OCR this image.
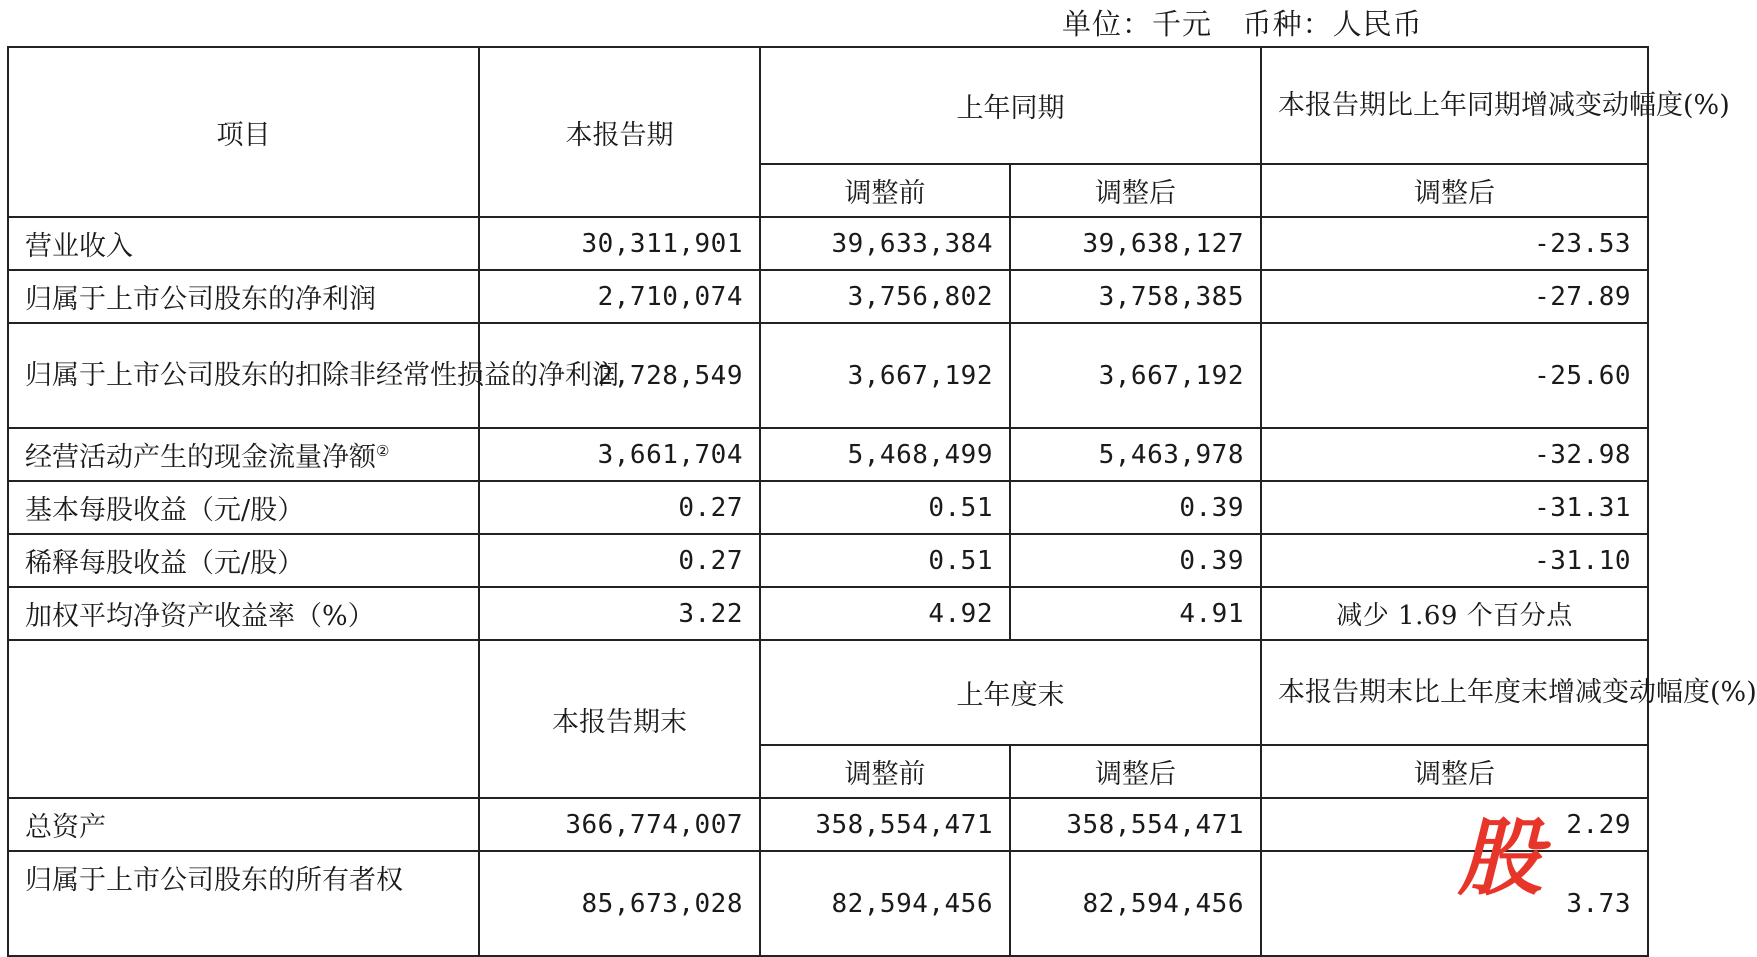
单位：千元   币种：人民币
项目	本报告期	上年同期		本报告期比上年同期增减变动幅度(%)
		调整前	调整后	调整后
营业收入	30,311,901	39,633,384	39,638,127	-23.53
归属于上市公司股东的净利润	2,710,074	3,756,802	3,758,385	-27.89
归属于上市公司股东的扣除非经常性损益的净利润	2,728,549	3,667,192	3,667,192	-25.60
经营活动产生的现金流量净额②	3,661,704	5,468,499	5,463,978	-32.98
基本每股收益（元/股）	0.27	0.51	0.39	-31.31
稀释每股收益（元/股）	0.27	0.51	0.39	-31.10
加权平均净资产收益率（%）	3.22	4.92	4.91	减少 1.69 个百分点
	本报告期末	上年度末		本报告期末比上年度末增减变动幅度(%)
		调整前	调整后	调整后
总资产	366,774,007	358,554,471	358,554,471	2.29
归属于上市公司股东的所有者权	85,673,028	82,594,456	82,594,456	3.73
股
